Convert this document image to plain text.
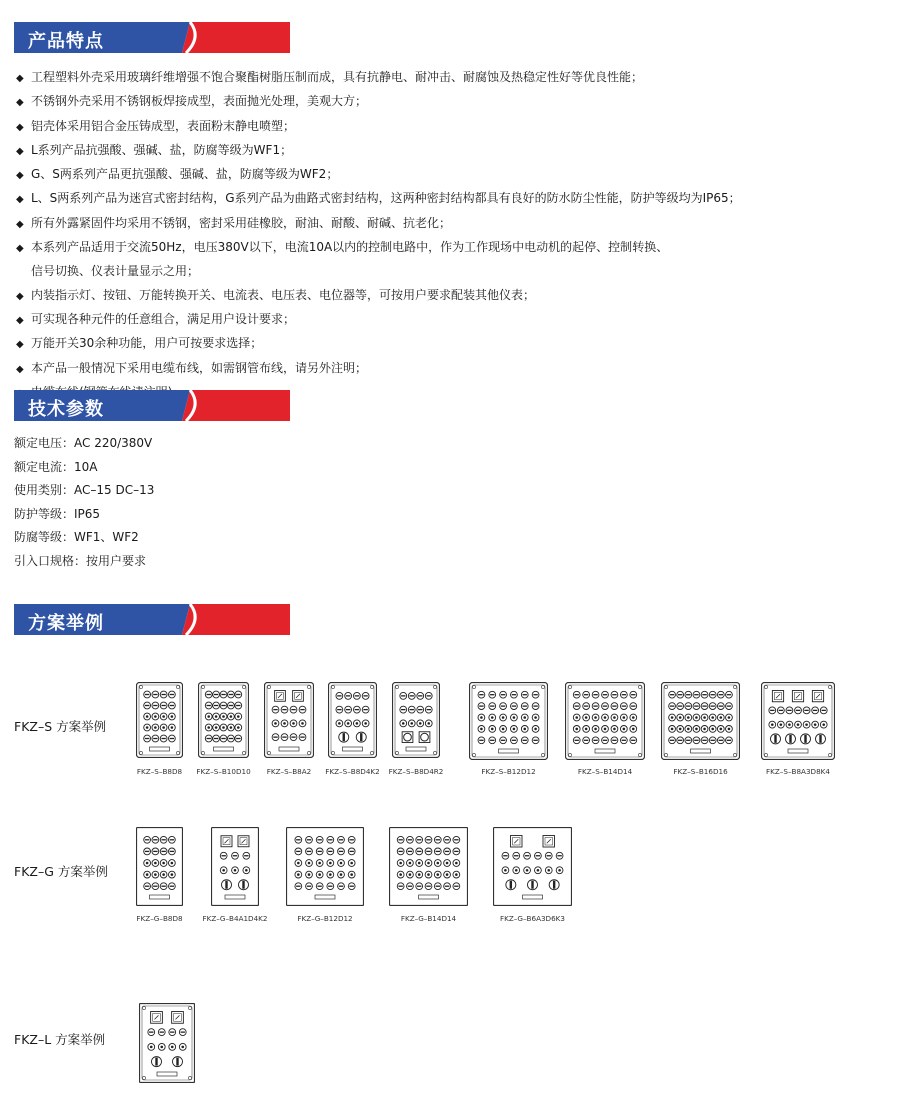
产品特点
◆ 工程塑料外壳采用玻璃纤维增强不饱合聚酯树脂压制而成，具有抗静电、耐冲击、耐腐蚀及热稳定性好等优良性能；
◆ 不锈钢外壳采用不锈钢板焊接成型，表面抛光处理，美观大方；
◆ 铝壳体采用铝合金压铸成型，表面粉末静电喷塑；
◆ L系列产品抗强酸、强碱、盐，防腐等级为WF1；
◆ G、S两系列产品更抗强酸、强碱、盐，防腐等级为WF2；
◆ L、S两系列产品为迷宫式密封结构，G系列产品为曲路式密封结构，这两种密封结构都具有良好的防水防尘性能，防护等级均为IP65；
◆ 所有外露紧固件均采用不锈钢，密封采用硅橡胶，耐油、耐酸、耐碱、抗老化；
◆ 本系列产品适用于交流50Hz，电压380V以下，电流10A以内的控制电路中，作为工作现场中电动机的起停、控制转换、
信号切换、仪表计量显示之用；
◆ 内装指示灯、按钮、万能转换开关、电流表、电压表、电位器等，可按用户要求配装其他仪表；
◆ 可实现各种元件的任意组合，满足用户设计要求；
◆ 万能开关30余种功能，用户可按要求选择；
◆ 本产品一般情况下采用电缆布线，如需钢管布线，请另外注明；
技术参数
额定电压：AC 220/380V
额定电流：10A
使用类别：AC–15 DC–13
防护等级：IP65
防腐等级：WF1、WF2
引入口规格：按用户要求
方案举例
FKZ–S 方案举例
FKZ–G 方案举例
FKZ–L 方案举例
FKZ–S–B8D8	FKZ–S–B10D10	FKZ–S–B8A2	FKZ–S–B8D4K2	FKZ–S–B8D4R2	FKZ–S–B12D12	FKZ–S–B14D14	FKZ–S–B16D16	FKZ–S–B8A3D8K4
FKZ–G–B8D8	FKZ–G–B4A1D4K2	FKZ–G–B12D12	FKZ–G–B14D14	FKZ–G–B6A3D6K3
